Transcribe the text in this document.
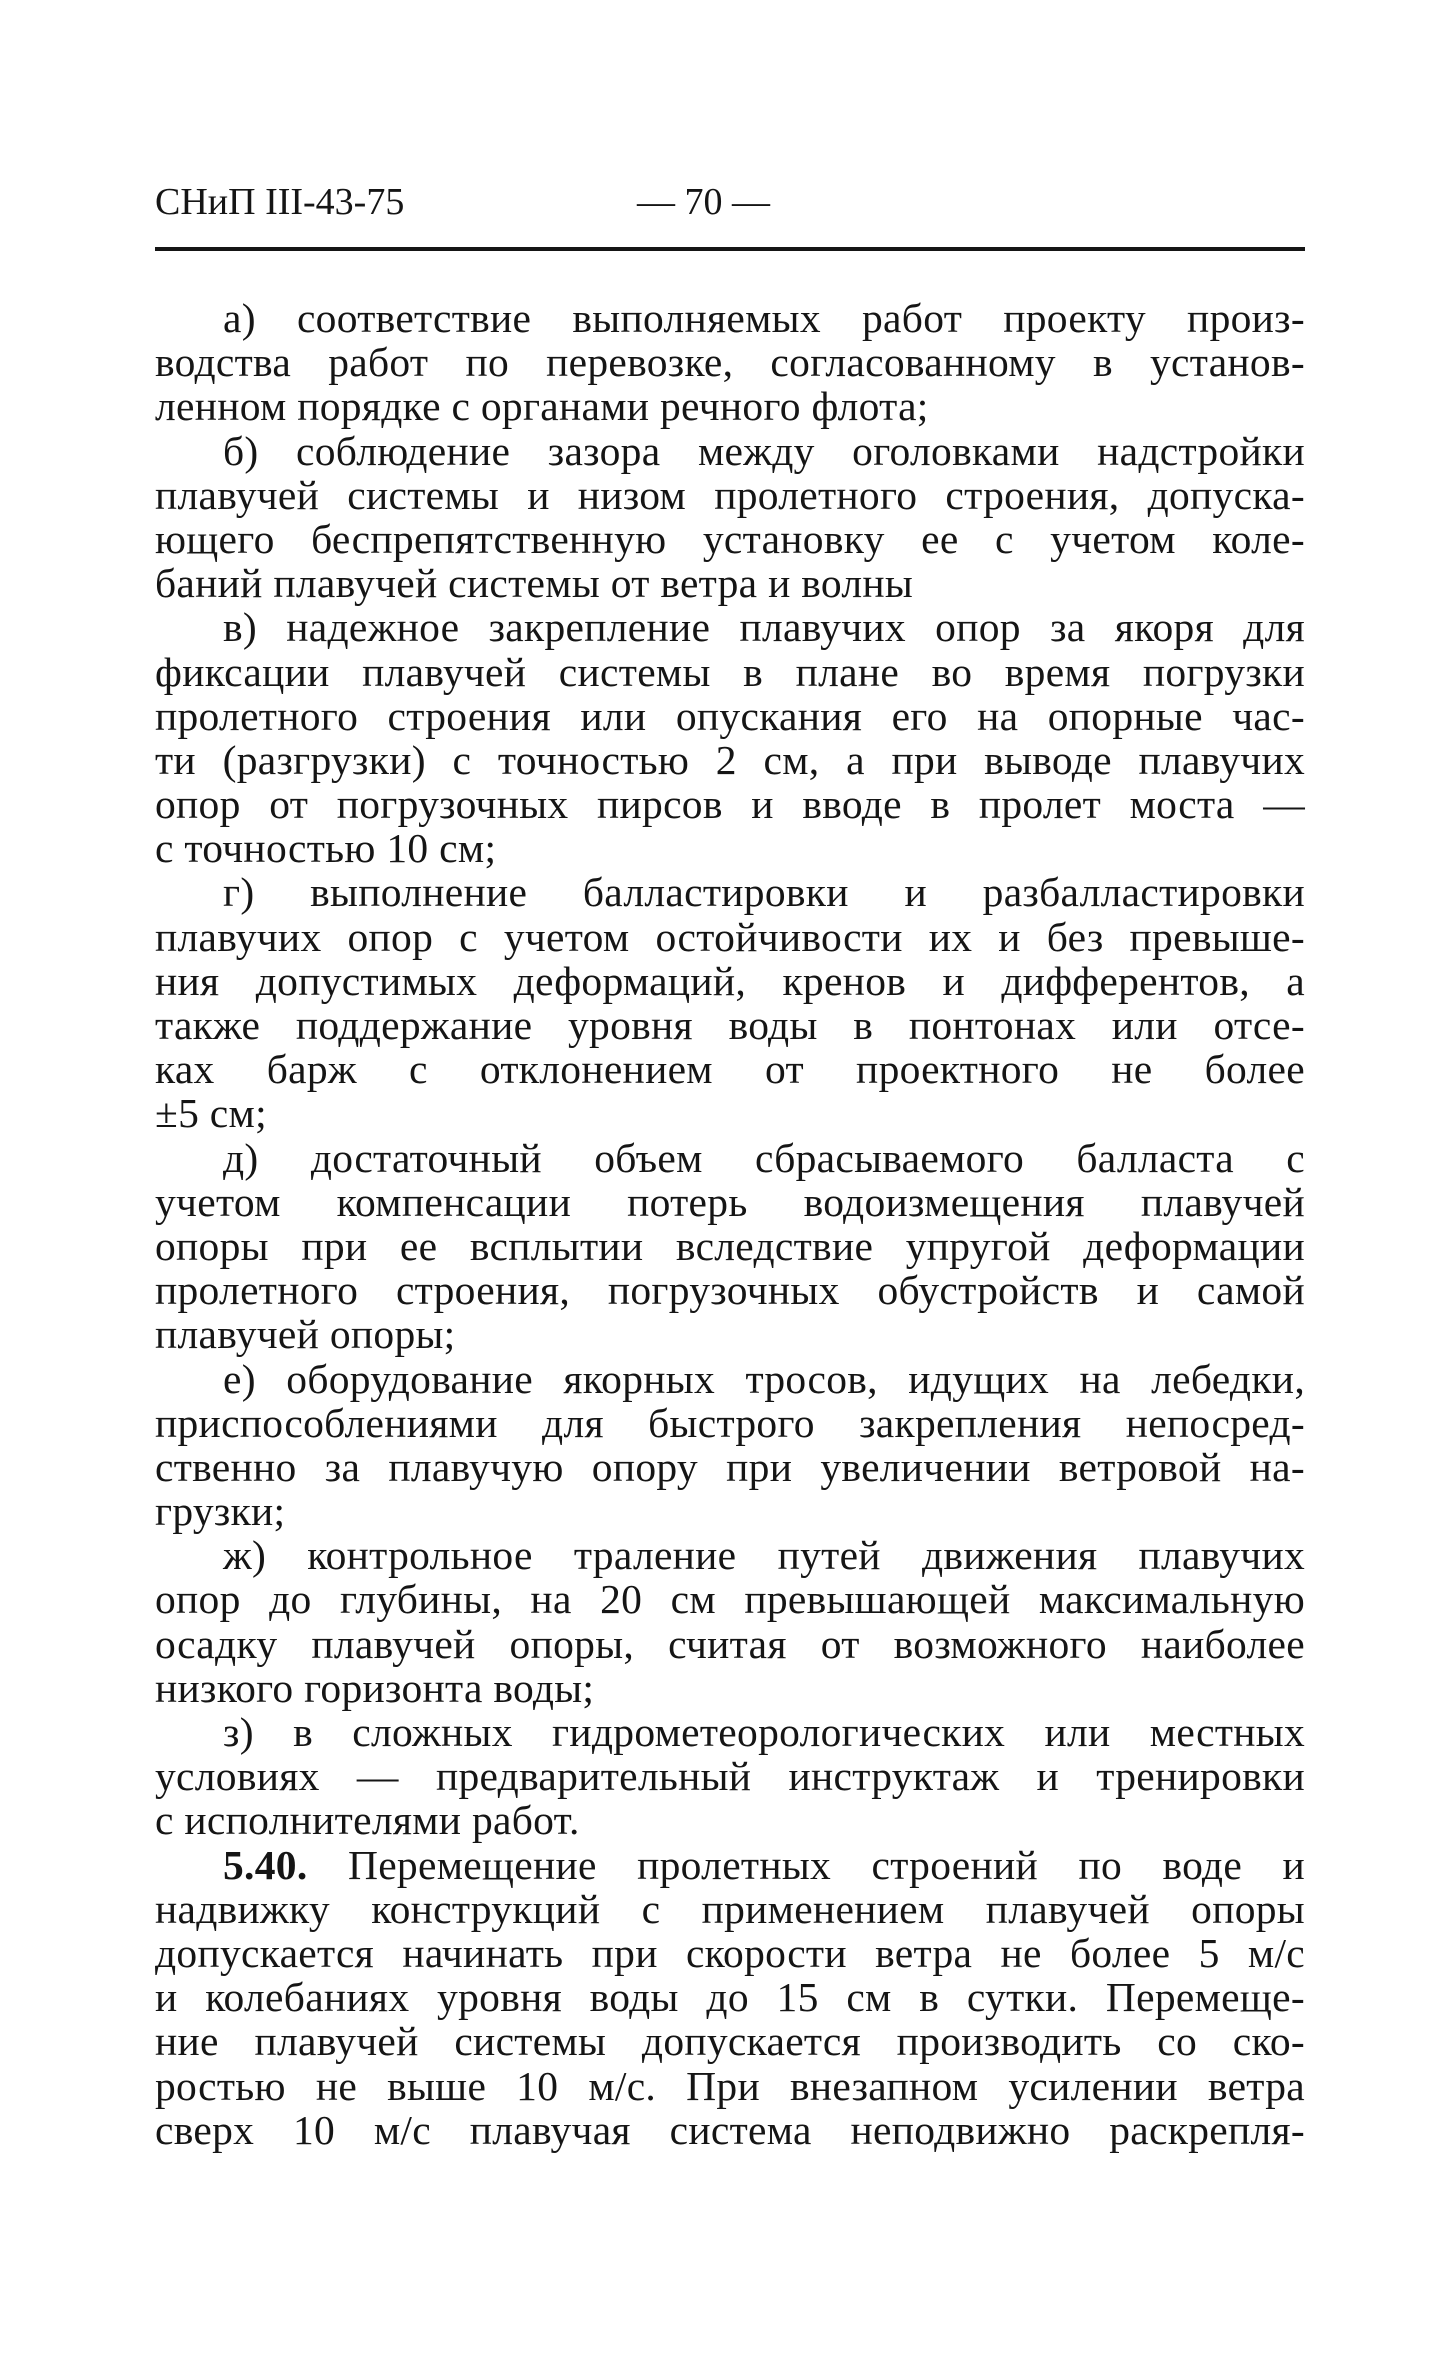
СНиП III-43-75	— 70 —
а) соответствие выполняемых работ проекту произ-
водства работ по перевозке, согласованному в установ-
ленном порядке с органами речного флота;
б) соблюдение зазора между оголовками надстройки
плавучей системы и низом пролетного строения, допуска-
ющего беспрепятственную установку ее с учетом коле-
баний плавучей системы от ветра и волны
в) надежное закрепление плавучих опор за якоря для
фиксации плавучей системы в плане во время погрузки
пролетного строения или опускания его на опорные час-
ти (разгрузки) с точностью 2 см, а при выводе плавучих
опор от погрузочных пирсов и вводе в пролет моста —
с точностью 10 см;
г) выполнение балластировки и разбалластировки
плавучих опор с учетом остойчивости их и без превыше-
ния допустимых деформаций, кренов и дифферентов, а
также поддержание уровня воды в понтонах или отсе-
ках барж с отклонением от проектного не более
±5 см;
д) достаточный объем сбрасываемого балласта с
учетом компенсации потерь водоизмещения плавучей
опоры при ее всплытии вследствие упругой деформации
пролетного строения, погрузочных обустройств и самой
плавучей опоры;
е) оборудование якорных тросов, идущих на лебедки,
приспособлениями для быстрого закрепления непосред-
ственно за плавучую опору при увеличении ветровой на-
грузки;
ж) контрольное траление путей движения плавучих
опор до глубины, на 20 см превышающей максимальную
осадку плавучей опоры, считая от возможного наиболее
низкого горизонта воды;
з) в сложных гидрометеорологических или местных
условиях — предварительный инструктаж и тренировки
с исполнителями работ.
5.40. Перемещение пролетных строений по воде и
надвижку конструкций с применением плавучей опоры
допускается начинать при скорости ветра не более 5 м/с
и колебаниях уровня воды до 15 см в сутки. Перемеще-
ние плавучей системы допускается производить со ско-
ростью не выше 10 м/с. При внезапном усилении ветра
сверх 10 м/с плавучая система неподвижно раскрепля-
